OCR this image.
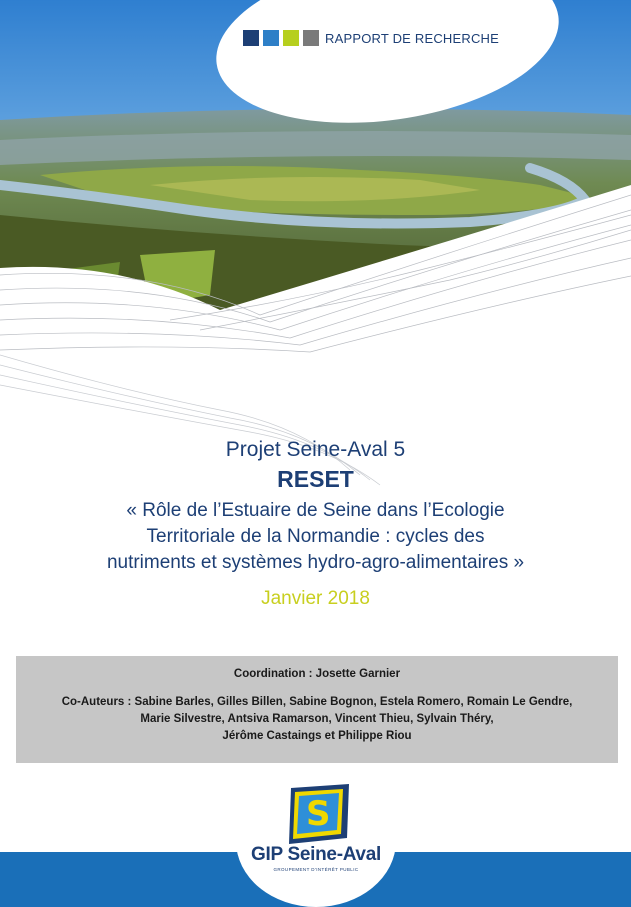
RAPPORT DE RECHERCHE
Projet Seine-Aval 5
RESET
« Rôle de l’Estuaire de Seine dans l’Ecologie
Territoriale de la Normandie : cycles des
nutriments et systèmes hydro-agro-alimentaires »
Janvier 2018
Coordination : Josette Garnier
Co-Auteurs : Sabine Barles, Gilles Billen, Sabine Bognon, Estela Romero, Romain Le Gendre,
Marie Silvestre, Antsiva Ramarson, Vincent Thieu, Sylvain Théry,
Jérôme Castaings et Philippe Riou
S
GIP Seine-Aval
GROUPEMENT D'INTÉRÊT PUBLIC
